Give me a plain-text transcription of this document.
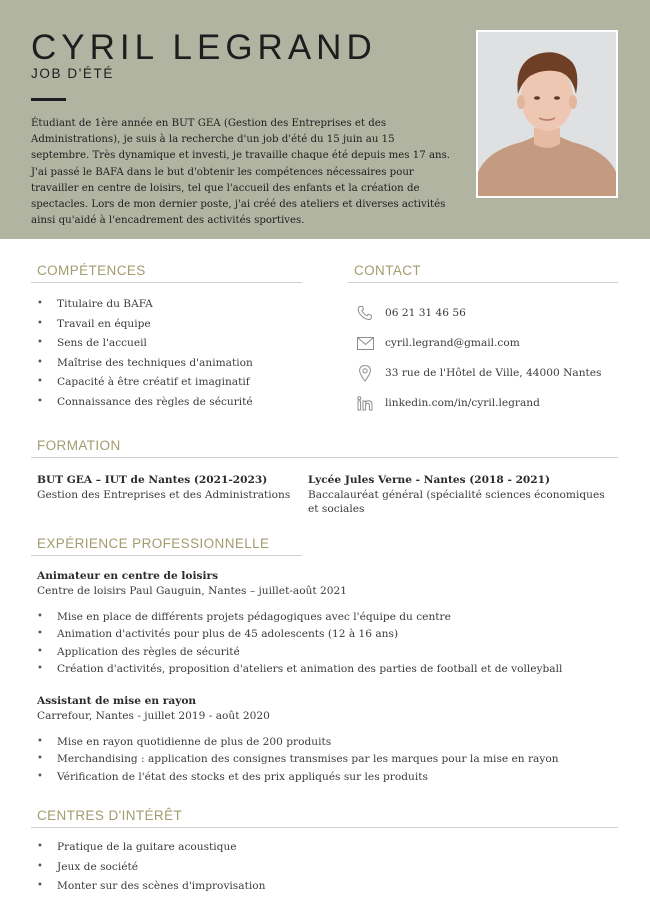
CYRIL LEGRAND
JOB D'ÉTÉ
Étudiant de 1ère année en BUT GEA (Gestion des Entreprises et des Administrations), je suis à la recherche d'un job d'été du 15 juin au 15 septembre. Très dynamique et investi, je travaille chaque été depuis mes 17 ans. J'ai passé le BAFA dans le but d'obtenir les compétences nécessaires pour travailler en centre de loisirs, tel que l'accueil des enfants et la création de spectacles. Lors de mon dernier poste, j'ai créé des ateliers et diverses activités ainsi qu'aidé à l'encadrement des activités sportives.
COMPÉTENCES
• Titulaire du BAFA
• Travail en équipe
• Sens de l'accueil
• Maîtrise des techniques d'animation
• Capacité à être créatif et imaginatif
• Connaissance des règles de sécurité
CONTACT
06 21 31 46 56
cyril.legrand@gmail.com
33 rue de l'Hôtel de Ville, 44000 Nantes
linkedin.com/in/cyril.legrand
FORMATION
BUT GEA – IUT de Nantes (2021-2023)
Gestion des Entreprises et des Administrations
Lycée Jules Verne - Nantes (2018 - 2021)
Baccalauréat général (spécialité sciences économiques et sociales
EXPÉRIENCE PROFESSIONNELLE
Animateur en centre de loisirs
Centre de loisirs Paul Gauguin, Nantes – juillet-août 2021
• Mise en place de différents projets pédagogiques avec l'équipe du centre
• Animation d'activités pour plus de 45 adolescents (12 à 16 ans)
• Application des règles de sécurité
• Création d'activités, proposition d'ateliers et animation des parties de football et de volleyball
Assistant de mise en rayon
Carrefour, Nantes - juillet 2019 - août 2020
• Mise en rayon quotidienne de plus de 200 produits
• Merchandising : application des consignes transmises par les marques pour la mise en rayon
• Vérification de l'état des stocks et des prix appliqués sur les produits
CENTRES D'INTÉRÊT
• Pratique de la guitare acoustique
• Jeux de société
• Monter sur des scènes d'improvisation
